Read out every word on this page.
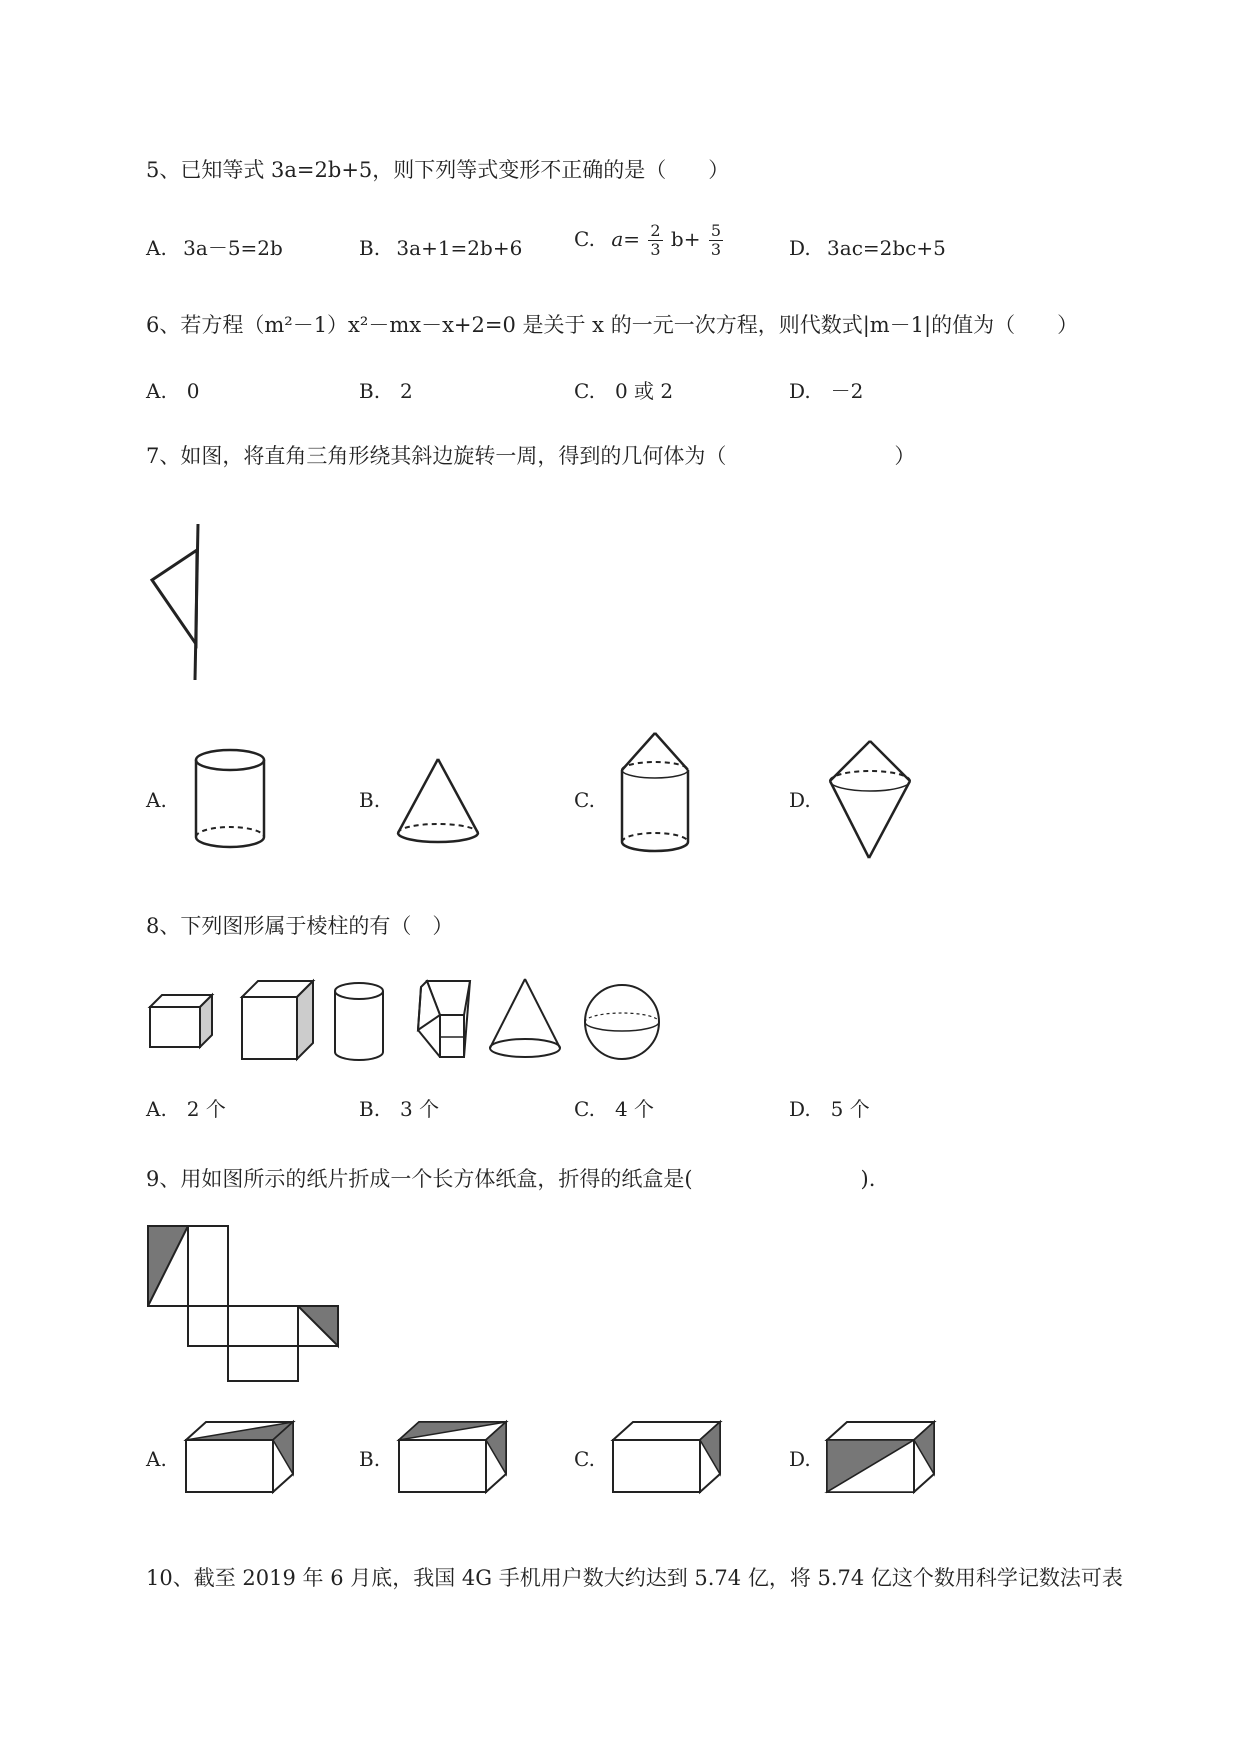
5、已知等式 3a=2b+5，则下列等式变形不正确的是（　　）
A. 3a－5=2b	B. 3a+1=2b+6	C. $a= \frac{2}{3} b+ \frac{5}{3}$	D. 3ac=2bc+5
6、若方程（m²－1）x²－mx－x+2=0 是关于 x 的一元一次方程，则代数式|m－1|的值为（　　）
A.　0	B.　2	C.　0 或 2	D.　－2
7、如图，将直角三角形绕其斜边旋转一周，得到的几何体为（　　　　　　　　）
A.	B.	C.	D.
8、下列图形属于棱柱的有（　）
A.　2 个	B.　3 个	C.　4 个	D.　5 个
9、用如图所示的纸片折成一个长方体纸盒，折得的纸盒是(　　　　　　　　).
A.	B.	C.	D.
10、截至 2019 年 6 月底，我国 4G 手机用户数大约达到 5.74 亿，将 5.74 亿这个数用科学记数法可表
